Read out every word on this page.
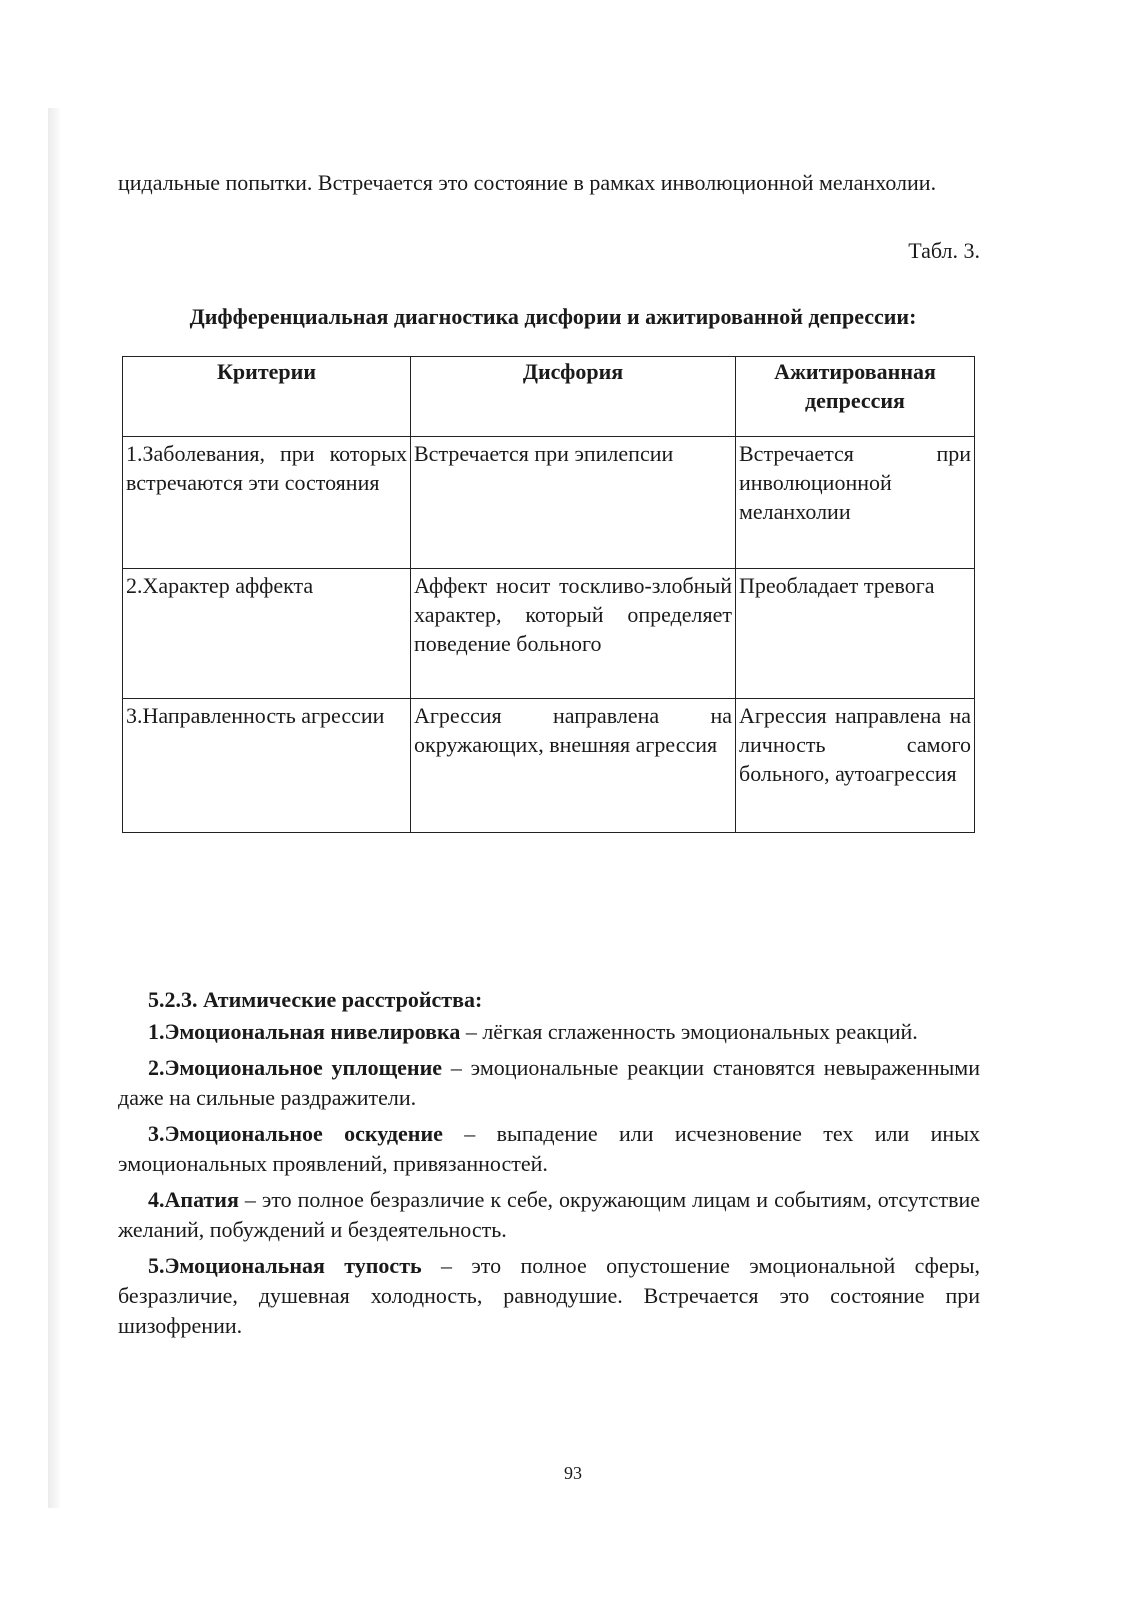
цидальные попытки. Встречается это состояние в рамках инволюционной меланхолии.

Табл. 3.
Дифференциальная диагностика дисфории и ажитированной депрессии:
Критерии	Дисфория	Ажитированная депрессия
1.Заболевания, при которых встречаются эти состояния	Встречается при эпилепсии	Встречается при инволюционной меланхолии
2.Характер аффекта	Аффект носит тоскливо-злобный характер, который определяет поведение больного	Преобладает тревога
3.Направленность агрессии	Агрессия направлена на окружающих, внешняя агрессия	Агрессия направлена на личность самого больного, аутоагрессия
5.2.3. Атимические расстройства:

1.Эмоциональная нивелировка – лёгкая сглаженность эмоциональных реакций.

2.Эмоциональное уплощение – эмоциональные реакции становятся невыраженными даже на сильные раздражители.

3.Эмоциональное оскудение – выпадение или исчезновение тех или иных эмоциональных проявлений, привязанностей.

4.Апатия – это полное безразличие к себе, окружающим лицам и событиям, отсутствие желаний, побуждений и бездеятельность.

5.Эмоциональная тупость – это полное опустошение эмоциональной сферы, безразличие, душевная холодность, равнодушие. Встречается это состояние при шизофрении.

93
